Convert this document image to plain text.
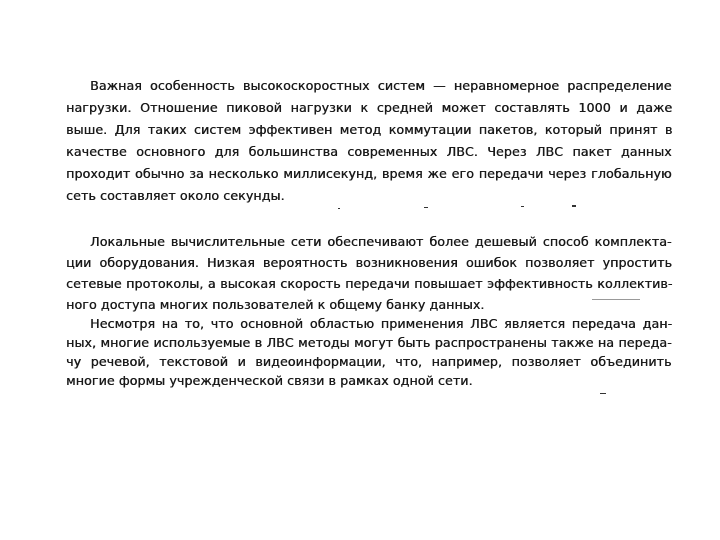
Важная особенность высокоскоростных систем — неравномерное распределение
нагрузки. Отношение пиковой нагрузки к средней может составлять 1000 и даже
выше. Для таких систем эффективен метод коммутации пакетов, который принят в
качестве основного для большинства современных ЛВС. Через ЛВС пакет данных
проходит обычно за несколько миллисекунд, время же его передачи через глобальную
сеть составляет около секунды.
Локальные вычислительные сети обеспечивают более дешевый способ комплекта-
ции оборудования. Низкая вероятность возникновения ошибок позволяет упростить
сетевые протоколы, а высокая скорость передачи повышает эффективность коллектив-
ного доступа многих пользователей к общему банку данных.
Несмотря на то, что основной областью применения ЛВС является передача дан-
ных, многие используемые в ЛВС методы могут быть распространены также на переда-
чу речевой, текстовой и видеоинформации, что, например, позволяет объединить
многие формы учрежденческой связи в рамках одной сети.
